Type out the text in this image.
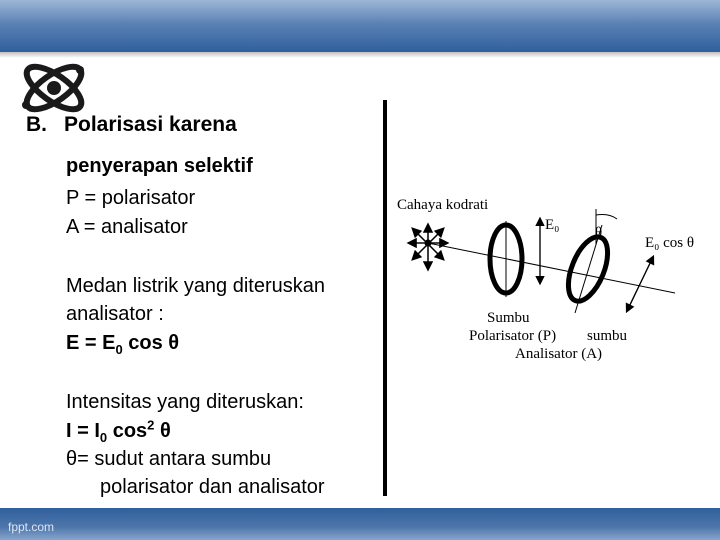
B. Polarisasi karena
penyerapan selektif
P = polarisator
A = analisator
Medan listrik yang diteruskan
analisator :
$E = E_0$ cos θ
Intensitas yang diteruskan:
$I = I_0$ $\cos^2 \theta$
θ= sudut antara sumbu
polarisator dan analisator
Cahaya kodrati
E₀ θ
E₀ cos θ
Sumbu
Polarisator (P) sumbu
Analisator (A)
fppt.com
